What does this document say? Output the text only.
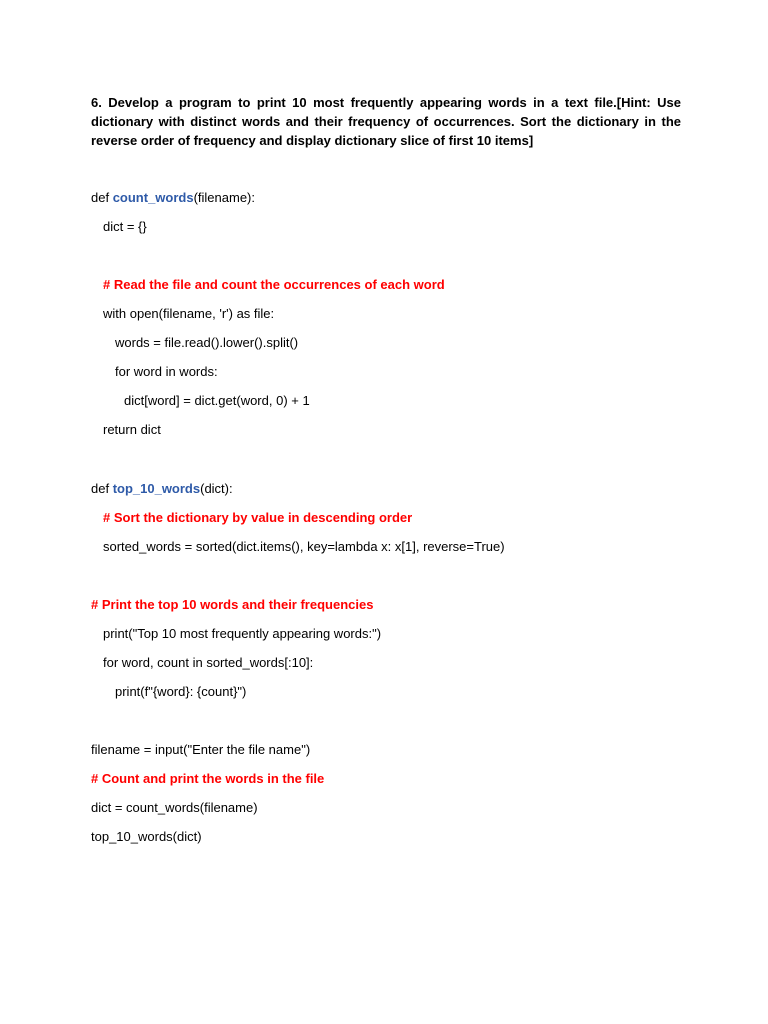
6. Develop a program to print 10 most frequently appearing words in a text file.[Hint: Use dictionary with distinct words and their frequency of occurrences. Sort the dictionary in the reverse order of frequency and display dictionary slice of first 10 items]

def count_words(filename):
dict = {}
# Read the file and count the occurrences of each word
with open(filename, 'r') as file:
words = file.read().lower().split()
for word in words:
dict[word] = dict.get(word, 0) + 1
return dict
def top_10_words(dict):
# Sort the dictionary by value in descending order
sorted_words = sorted(dict.items(), key=lambda x: x[1], reverse=True)
# Print the top 10 words and their frequencies
print("Top 10 most frequently appearing words:")
for word, count in sorted_words[:10]:
print(f"{word}: {count}")
filename = input("Enter the file name")
# Count and print the words in the file
dict = count_words(filename)
top_10_words(dict)
